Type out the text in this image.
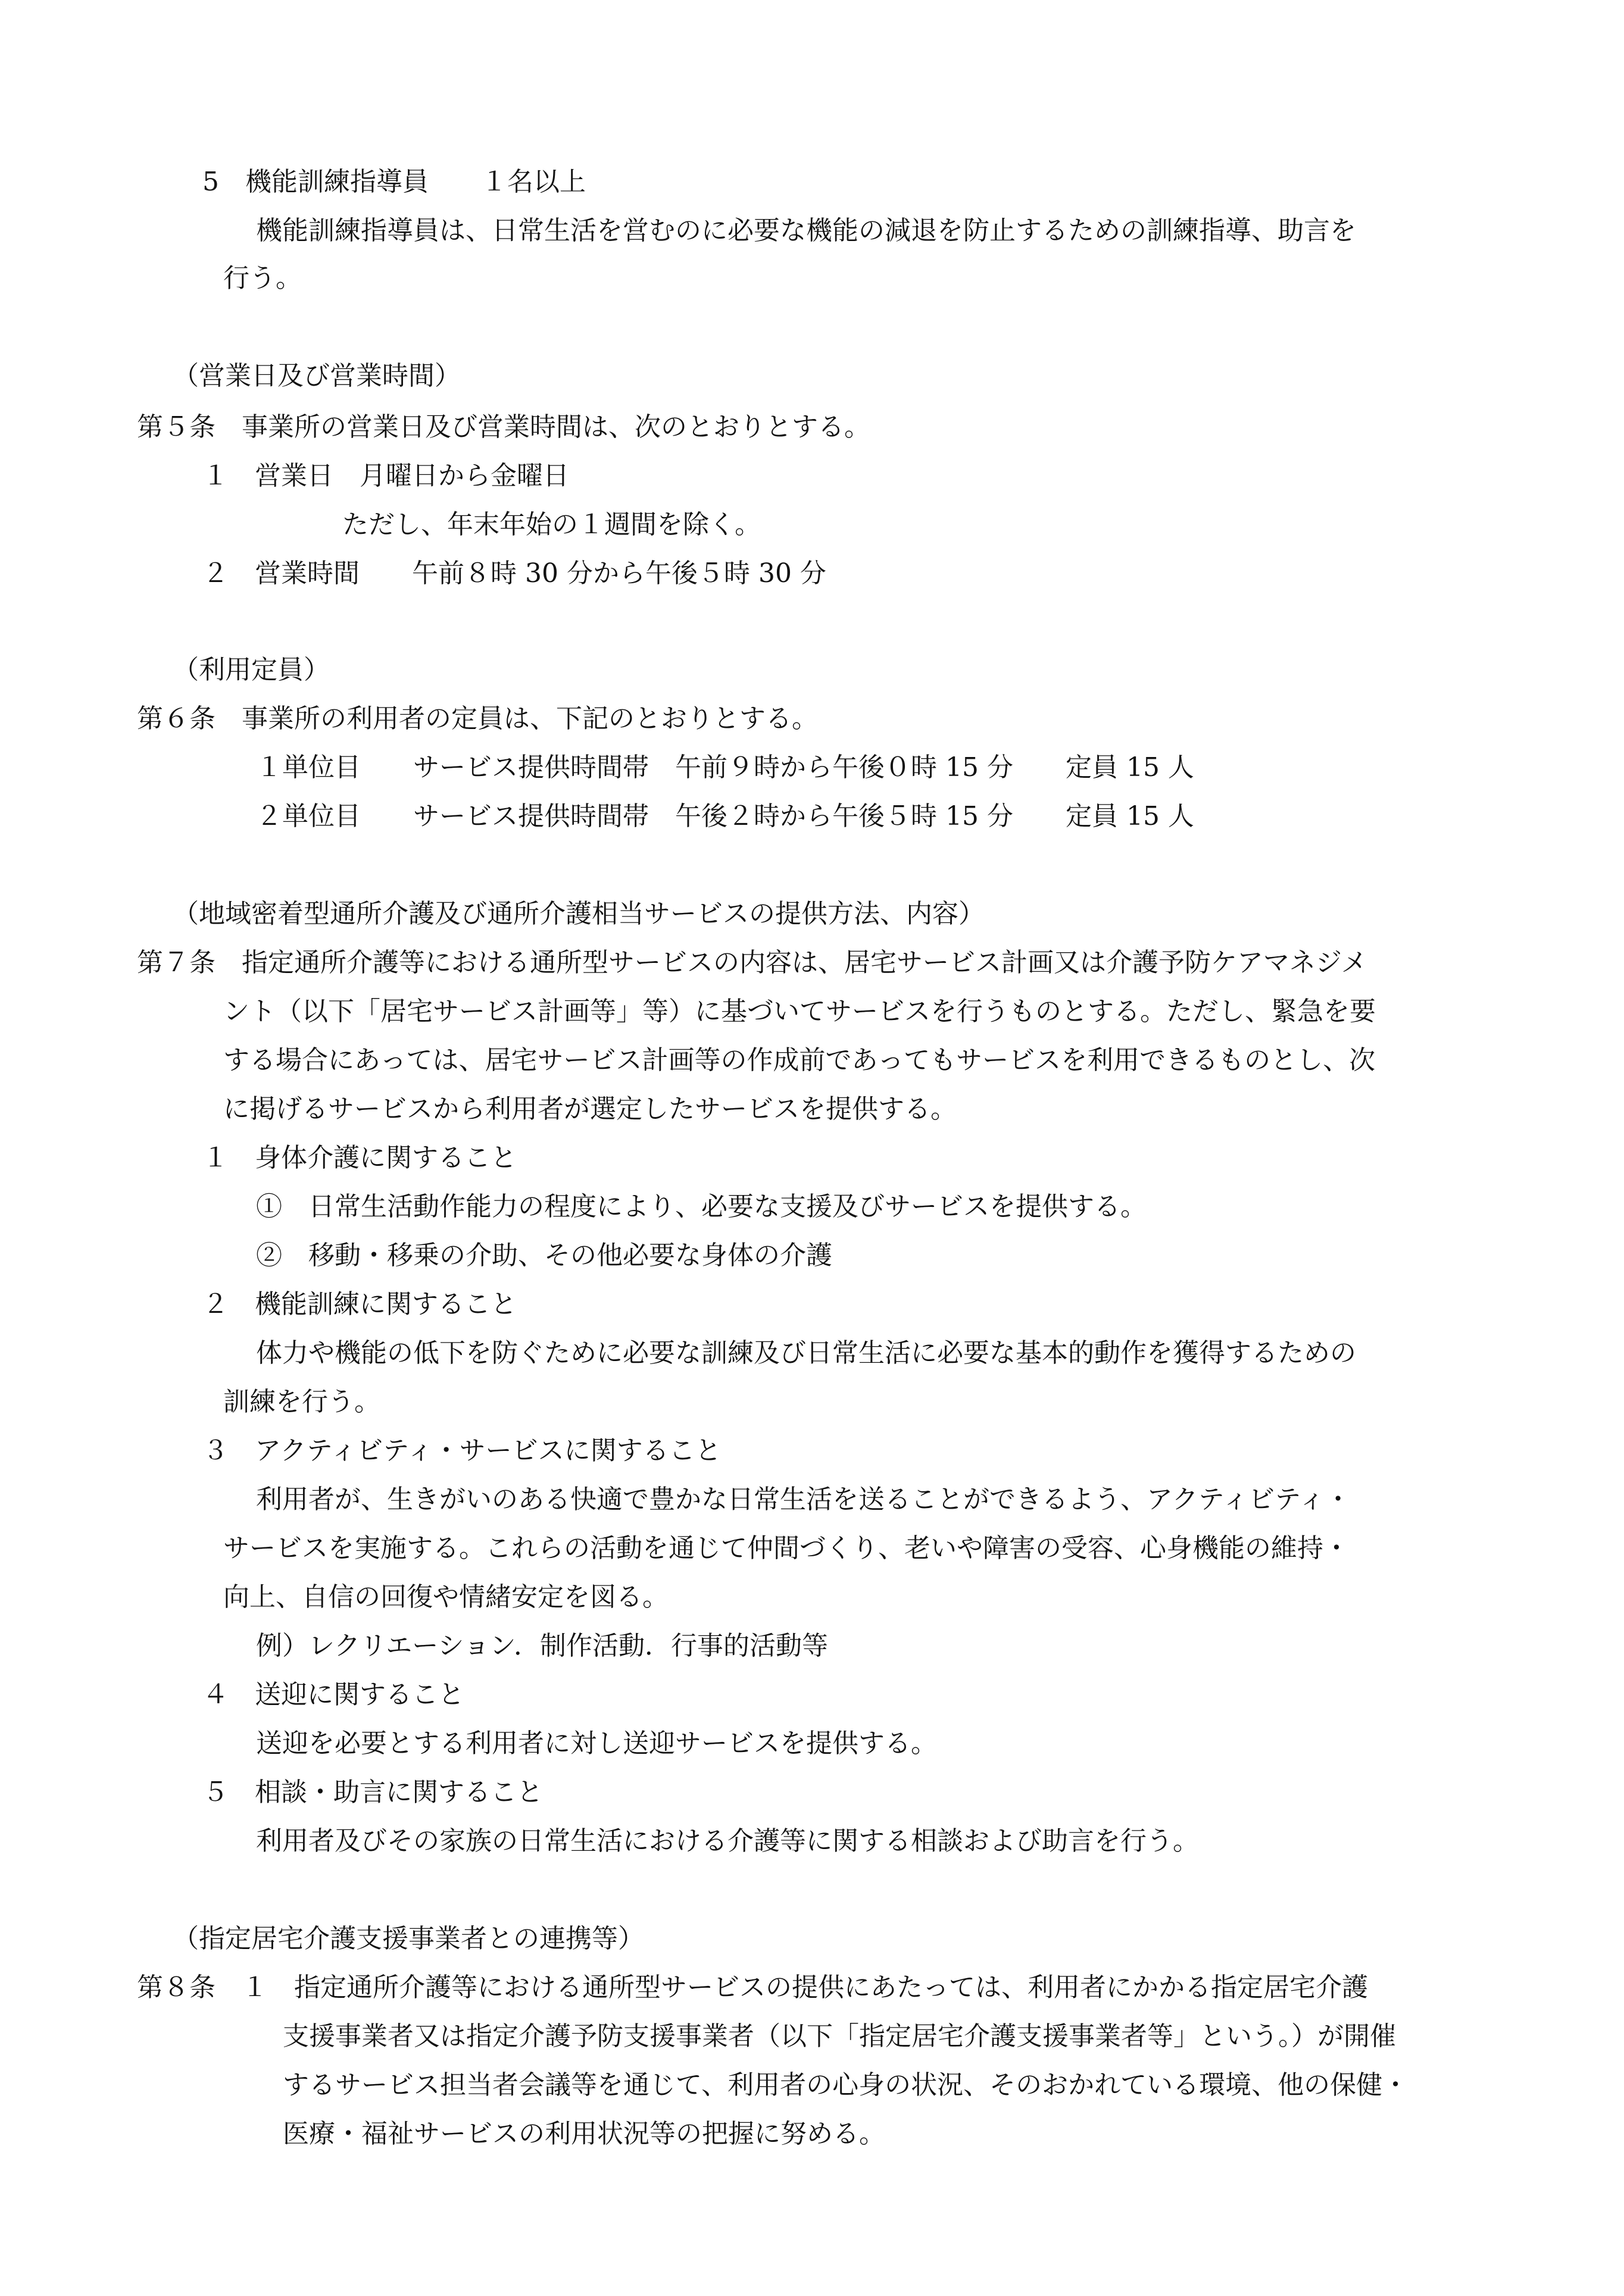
5　機能訓練指導員　　１名以上
機能訓練指導員は、日常生活を営むのに必要な機能の減退を防止するための訓練指導、助言を
行う。
（営業日及び営業時間）
第５条　事業所の営業日及び営業時間は、次のとおりとする。
１　営業日　月曜日から金曜日
ただし、年末年始の１週間を除く。
２　営業時間　　午前８時 30 分から午後５時 30 分
（利用定員）
第６条　事業所の利用者の定員は、下記のとおりとする。
１単位目　　サービス提供時間帯　午前９時から午後０時 15 分　　定員 15 人
２単位目　　サービス提供時間帯　午後２時から午後５時 15 分　　定員 15 人
（地域密着型通所介護及び通所介護相当サービスの提供方法、内容）
第７条　指定通所介護等における通所型サービスの内容は、居宅サービス計画又は介護予防ケアマネジメ
ント（以下「居宅サービス計画等」等）に基づいてサービスを行うものとする。ただし、緊急を要
する場合にあっては、居宅サービス計画等の作成前であってもサービスを利用できるものとし、次
に掲げるサービスから利用者が選定したサービスを提供する。
１　身体介護に関すること
①　日常生活動作能力の程度により、必要な支援及びサービスを提供する。
②　移動・移乗の介助、その他必要な身体の介護
２　機能訓練に関すること
体力や機能の低下を防ぐために必要な訓練及び日常生活に必要な基本的動作を獲得するための
訓練を行う。
３　アクティビティ・サービスに関すること
利用者が、生きがいのある快適で豊かな日常生活を送ることができるよう、アクティビティ・
サービスを実施する。これらの活動を通じて仲間づくり、老いや障害の受容、心身機能の維持・
向上、自信の回復や情緒安定を図る。
例）レクリエーション．制作活動．行事的活動等
４　送迎に関すること
送迎を必要とする利用者に対し送迎サービスを提供する。
５　相談・助言に関すること
利用者及びその家族の日常生活における介護等に関する相談および助言を行う。
（指定居宅介護支援事業者との連携等）
第８条　１　指定通所介護等における通所型サービスの提供にあたっては、利用者にかかる指定居宅介護
支援事業者又は指定介護予防支援事業者（以下「指定居宅介護支援事業者等」という。）が開催
するサービス担当者会議等を通じて、利用者の心身の状況、そのおかれている環境、他の保健・
医療・福祉サービスの利用状況等の把握に努める。
